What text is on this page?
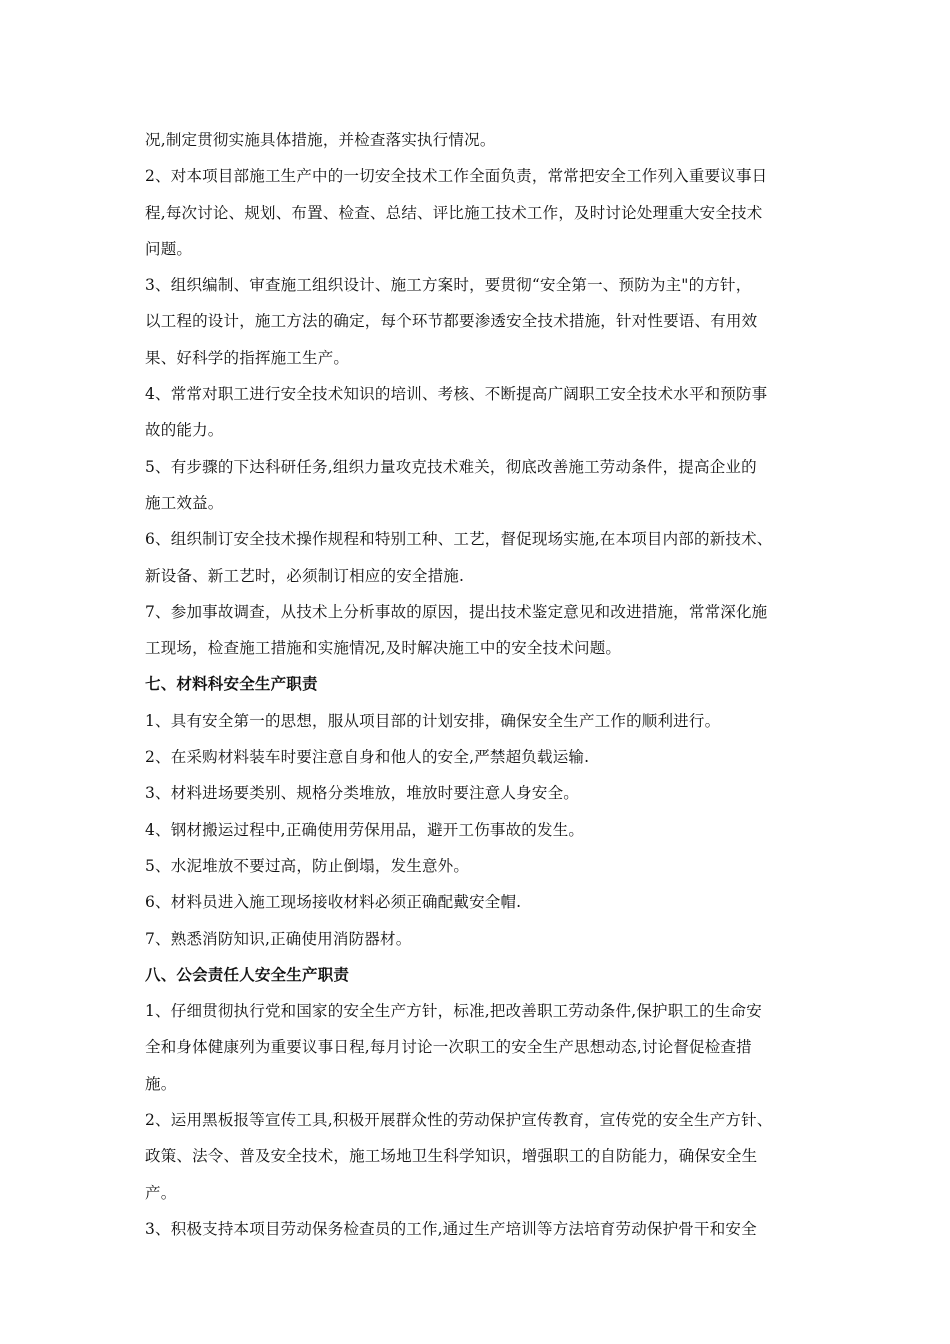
况,制定贯彻实施具体措施，并检查落实执行情况。
2、对本项目部施工生产中的一切安全技术工作全面负责，常常把安全工作列入重要议事日
程,每次讨论、规划、布置、检查、总结、评比施工技术工作，及时讨论处理重大安全技术
问题。
3、组织编制、审查施工组织设计、施工方案时，要贯彻“安全第一、预防为主"的方针，
以工程的设计，施工方法的确定，每个环节都要渗透安全技术措施，针对性要语、有用效
果、好科学的指挥施工生产。
4、常常对职工进行安全技术知识的培训、考核、不断提高广阔职工安全技术水平和预防事
故的能力。
5、有步骤的下达科研任务,组织力量攻克技术难关，彻底改善施工劳动条件，提高企业的
施工效益。
6、组织制订安全技术操作规程和特别工种、工艺，督促现场实施,在本项目内部的新技术、
新设备、新工艺时，必须制订相应的安全措施.
7、参加事故调查，从技术上分析事故的原因，提出技术鉴定意见和改进措施，常常深化施
工现场，检查施工措施和实施情况,及时解决施工中的安全技术问题。
七、材料科安全生产职责
1、具有安全第一的思想，服从项目部的计划安排，确保安全生产工作的顺利进行。
2、在采购材料装车时要注意自身和他人的安全,严禁超负载运输.
3、材料进场要类别、规格分类堆放，堆放时要注意人身安全。
4、钢材搬运过程中,正确使用劳保用品，避开工伤事故的发生。
5、水泥堆放不要过高，防止倒塌，发生意外。
6、材料员进入施工现场接收材料必须正确配戴安全帽.
7、熟悉消防知识,正确使用消防器材。
八、公会责任人安全生产职责
1、仔细贯彻执行党和国家的安全生产方针，标准,把改善职工劳动条件,保护职工的生命安
全和身体健康列为重要议事日程,每月讨论一次职工的安全生产思想动态,讨论督促检查措
施。
2、运用黑板报等宣传工具,积极开展群众性的劳动保护宣传教育，宣传党的安全生产方针、
政策、法令、普及安全技术，施工场地卫生科学知识，增强职工的自防能力，确保安全生
产。
3、积极支持本项目劳动保务检查员的工作,通过生产培训等方法培育劳动保护骨干和安全
